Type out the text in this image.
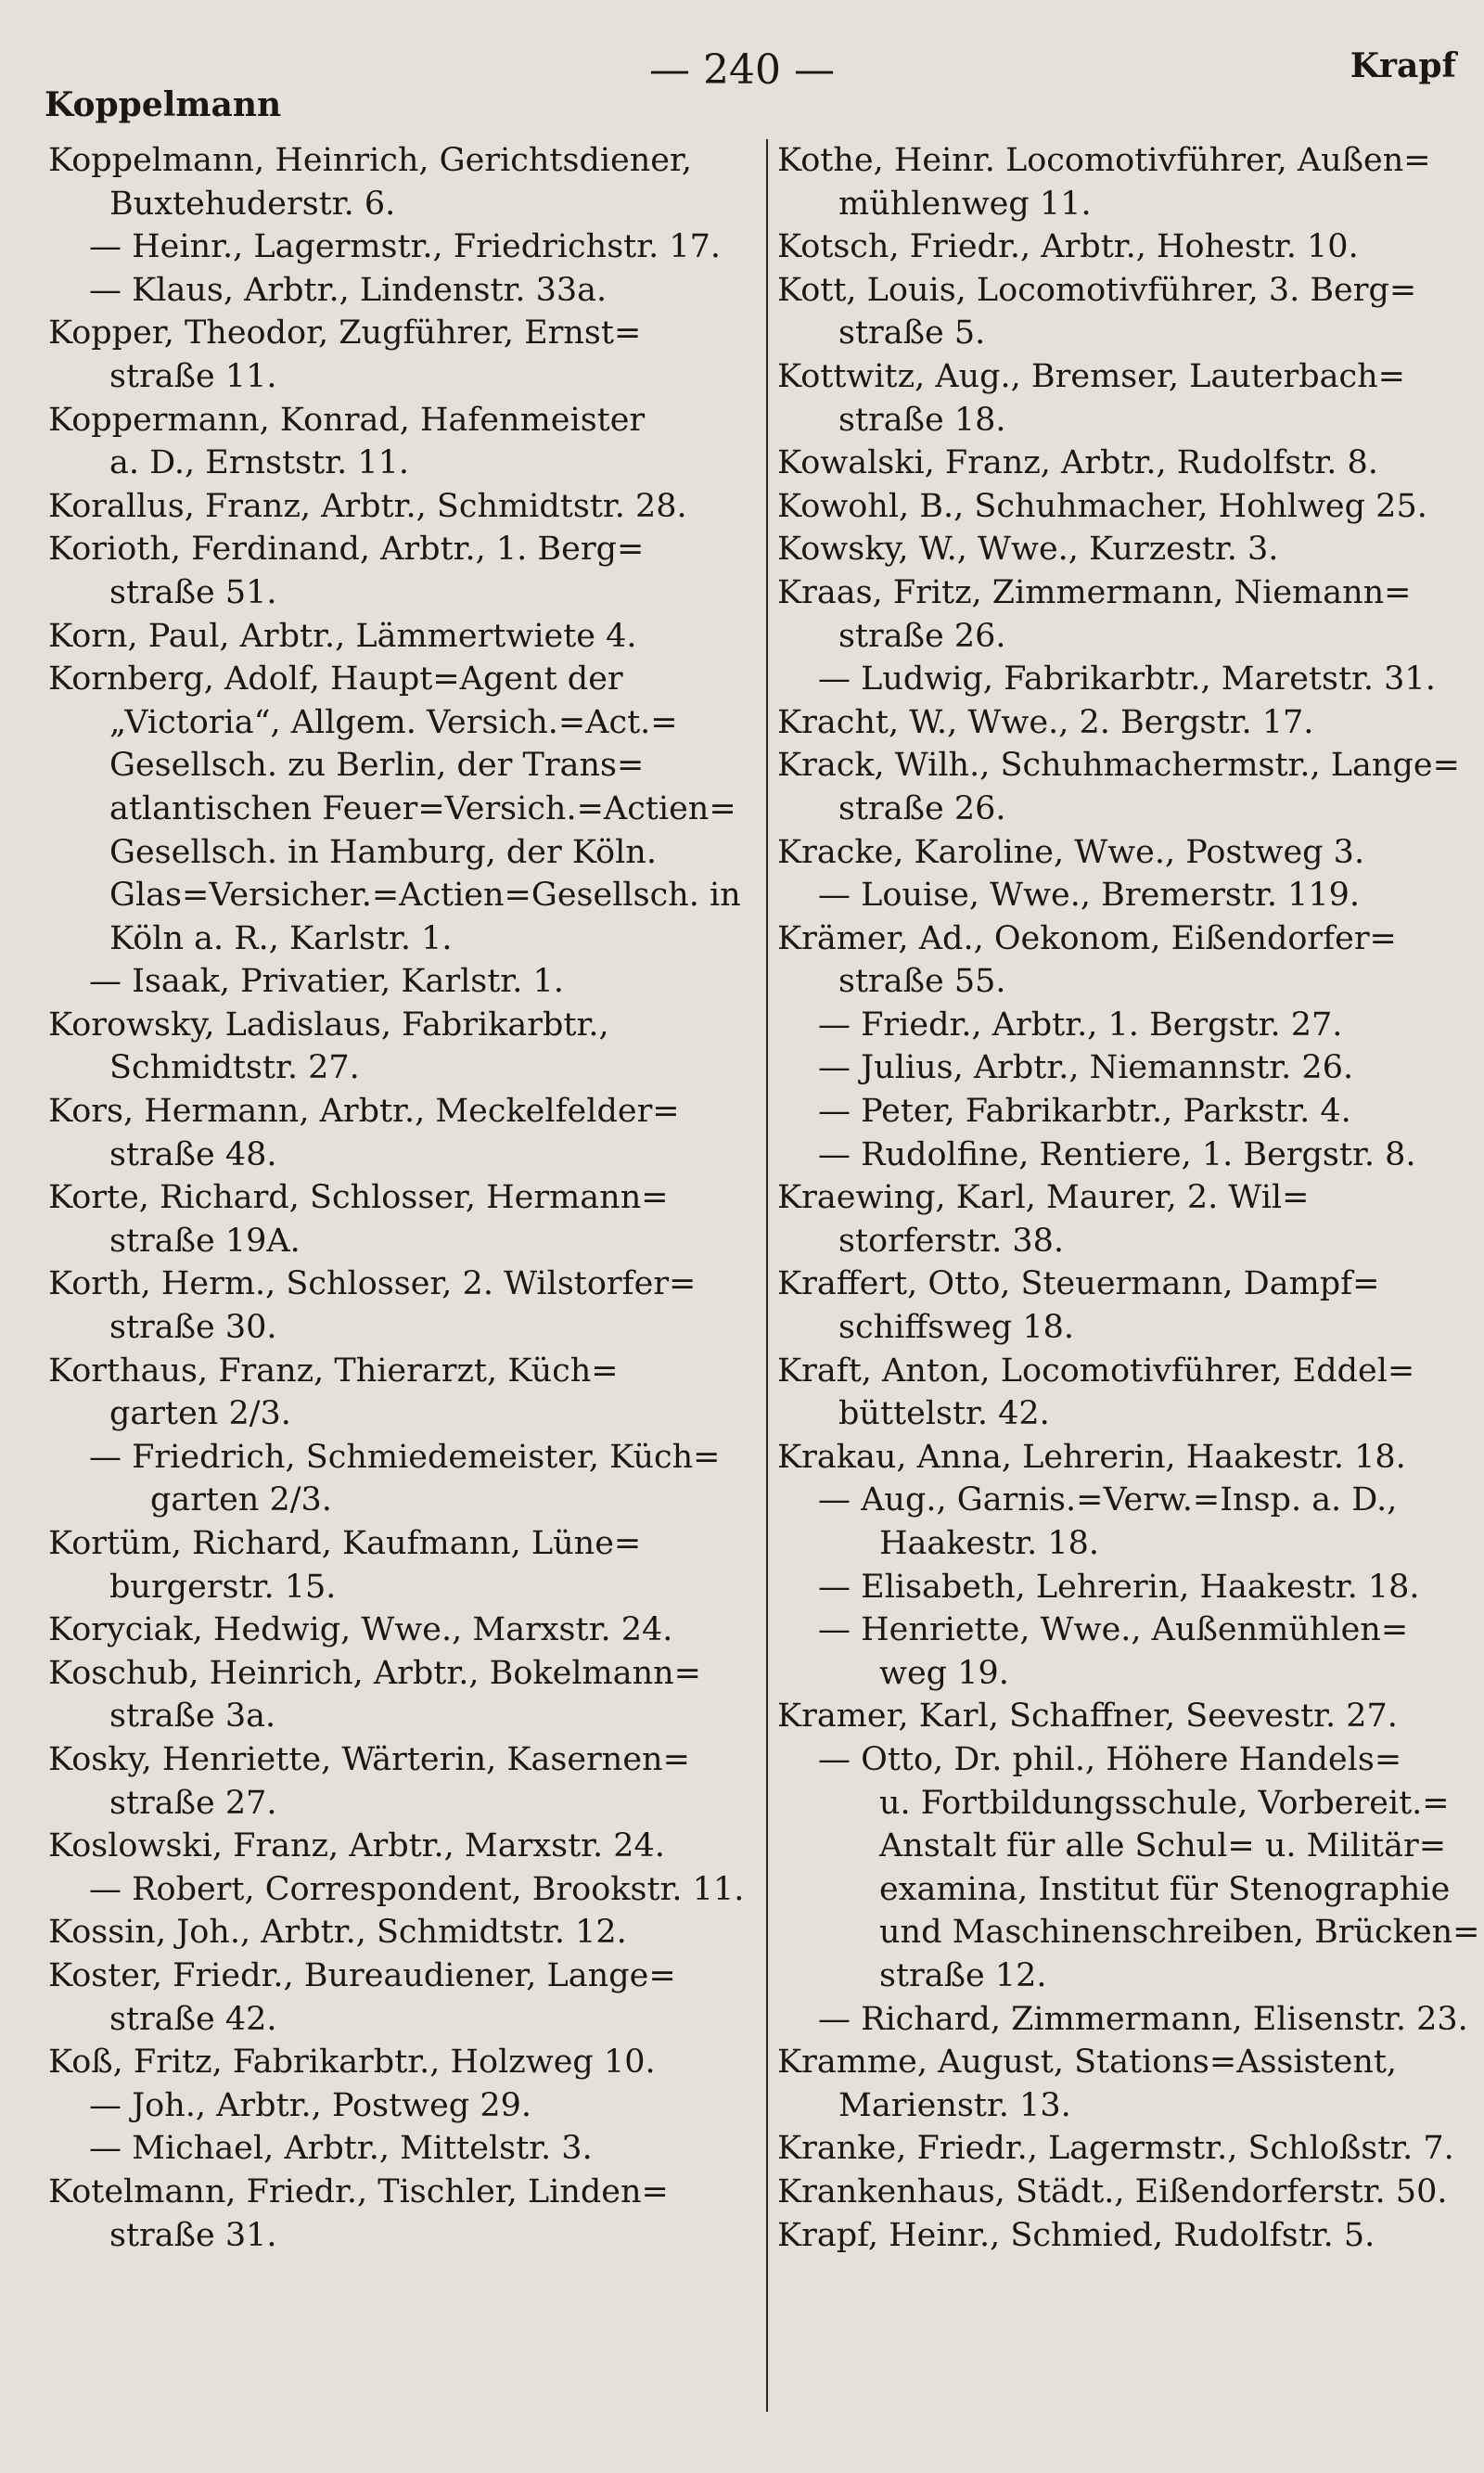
Koppelmann
— 240 —	Krapf
Koppelmann, Heinrich, Gerichtsdiener,
Buxtehuderstr. 6.
— Heinr., Lagermstr., Friedrichstr. 17.
— Klaus, Arbtr., Lindenstr. 33a.
Kopper, Theodor, Zugführer, Ernst=
straße 11.
Koppermann, Konrad, Hafenmeister
a. D., Ernststr. 11.
Korallus, Franz, Arbtr., Schmidtstr. 28.
Korioth, Ferdinand, Arbtr., 1. Berg=
straße 51.
Korn, Paul, Arbtr., Lämmertwiete 4.
Kornberg, Adolf, Haupt=Agent der
„Victoria“, Allgem. Versich.=Act.=
Gesellsch. zu Berlin, der Trans=
atlantischen Feuer=Versich.=Actien=
Gesellsch. in Hamburg, der Köln.
Glas=Versicher.=Actien=Gesellsch. in
Köln a. R., Karlstr. 1.
— Isaak, Privatier, Karlstr. 1.
Korowsky, Ladislaus, Fabrikarbtr.,
Schmidtstr. 27.
Kors, Hermann, Arbtr., Meckelfelder=
straße 48.
Korte, Richard, Schlosser, Hermann=
straße 19A.
Korth, Herm., Schlosser, 2. Wilstorfer=
straße 30.
Korthaus, Franz, Thierarzt, Küch=
garten 2/3.
— Friedrich, Schmiedemeister, Küch=
garten 2/3.
Kortüm, Richard, Kaufmann, Lüne=
burgerstr. 15.
Koryciak, Hedwig, Wwe., Marxstr. 24.
Koschub, Heinrich, Arbtr., Bokelmann=
straße 3a.
Kosky, Henriette, Wärterin, Kasernen=
straße 27.
Koslowski, Franz, Arbtr., Marxstr. 24.
— Robert, Correspondent, Brookstr. 11.
Kossin, Joh., Arbtr., Schmidtstr. 12.
Koster, Friedr., Bureaudiener, Lange=
straße 42.
Koß, Fritz, Fabrikarbtr., Holzweg 10.
— Joh., Arbtr., Postweg 29.
— Michael, Arbtr., Mittelstr. 3.
Kotelmann, Friedr., Tischler, Linden=
straße 31.
Kothe, Heinr. Locomotivführer, Außen=
mühlenweg 11.
Kotsch, Friedr., Arbtr., Hohestr. 10.
Kott, Louis, Locomotivführer, 3. Berg=
straße 5.
Kottwitz, Aug., Bremser, Lauterbach=
straße 18.
Kowalski, Franz, Arbtr., Rudolfstr. 8.
Kowohl, B., Schuhmacher, Hohlweg 25.
Kowsky, W., Wwe., Kurzestr. 3.
Kraas, Fritz, Zimmermann, Niemann=
straße 26.
— Ludwig, Fabrikarbtr., Maretstr. 31.
Kracht, W., Wwe., 2. Bergstr. 17.
Krack, Wilh., Schuhmachermstr., Lange=
straße 26.
Kracke, Karoline, Wwe., Postweg 3.
— Louise, Wwe., Bremerstr. 119.
Krämer, Ad., Oekonom, Eißendorfer=
straße 55.
— Friedr., Arbtr., 1. Bergstr. 27.
— Julius, Arbtr., Niemannstr. 26.
— Peter, Fabrikarbtr., Parkstr. 4.
— Rudolfine, Rentiere, 1. Bergstr. 8.
Kraewing, Karl, Maurer, 2. Wil=
storferstr. 38.
Kraffert, Otto, Steuermann, Dampf=
schiffsweg 18.
Kraft, Anton, Locomotivführer, Eddel=
büttelstr. 42.
Krakau, Anna, Lehrerin, Haakestr. 18.
— Aug., Garnis.=Verw.=Insp. a. D.,
Haakestr. 18.
— Elisabeth, Lehrerin, Haakestr. 18.
— Henriette, Wwe., Außenmühlen=
weg 19.
Kramer, Karl, Schaffner, Seevestr. 27.
— Otto, Dr. phil., Höhere Handels=
u. Fortbildungsschule, Vorbereit.=
Anstalt für alle Schul= u. Militär=
examina, Institut für Stenographie
und Maschinenschreiben, Brücken=
straße 12.
— Richard, Zimmermann, Elisenstr. 23.
Kramme, August, Stations=Assistent,
Marienstr. 13.
Kranke, Friedr., Lagermstr., Schloßstr. 7.
Krankenhaus, Städt., Eißendorferstr. 50.
Krapf, Heinr., Schmied, Rudolfstr. 5.
